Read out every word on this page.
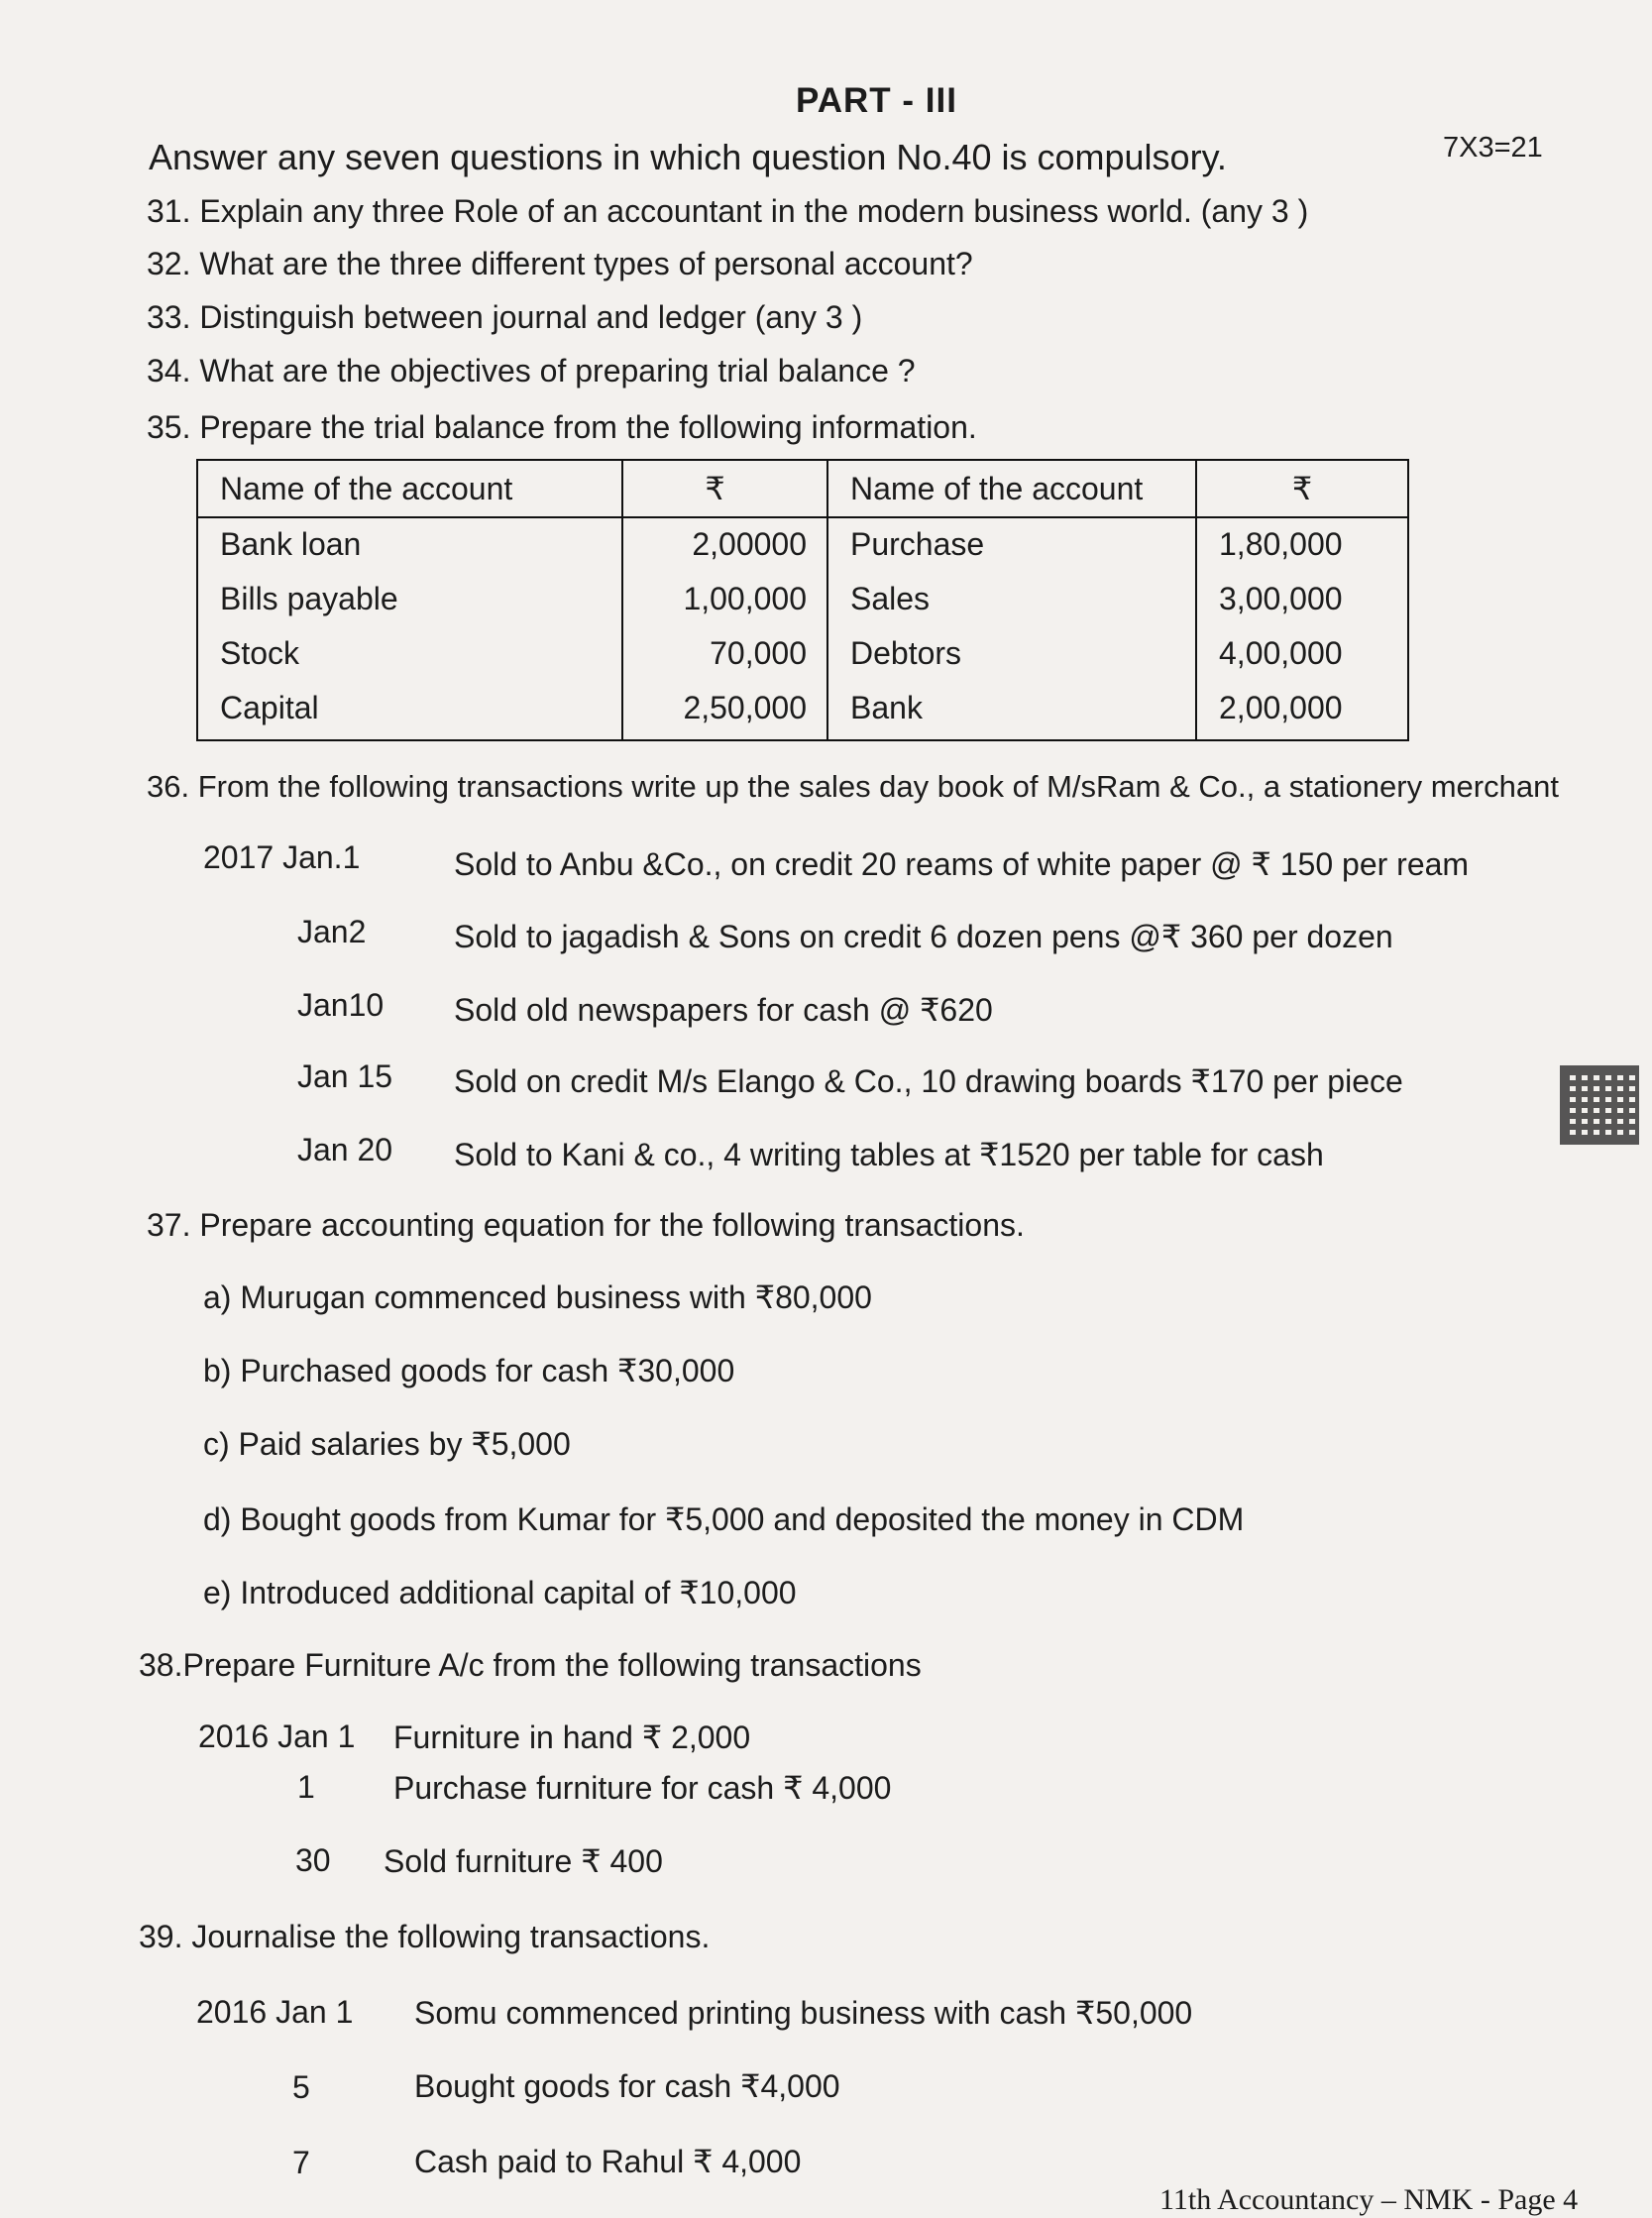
PART - III
Answer any seven questions in which question No.40 is compulsory.	7X3=21
31. Explain any three Role of an accountant in the modern business world. (any 3 )
32. What are the three different types of personal account?
33. Distinguish between journal and ledger (any 3 )
34. What are the objectives of preparing trial balance ?
35. Prepare the trial balance from the following information.
Name of the account	₹	Name of the account	₹
Bank loan	2,00000	Purchase	1,80,000
Bills payable	1,00,000	Sales	3,00,000
Stock	70,000	Debtors	4,00,000
Capital	2,50,000	Bank	2,00,000
36. From the following transactions write up the sales day book of M/sRam & Co., a stationery merchant
2017 Jan.1	Sold to Anbu &Co., on credit 20 reams of white paper @ ₹ 150 per ream
Jan2	Sold to jagadish & Sons on credit 6 dozen pens @₹ 360 per dozen
Jan10 Sold old newspapers for cash @ ₹620
Jan 15 Sold on credit M/s Elango & Co., 10 drawing boards ₹170 per piece
Jan 20 Sold to Kani & co., 4 writing tables at ₹1520 per table for cash
37. Prepare accounting equation for the following transactions.
a) Murugan commenced business with ₹80,000
b) Purchased goods for cash ₹30,000
c) Paid salaries by ₹5,000
d) Bought goods from Kumar for ₹5,000 and deposited the money in CDM
e) Introduced additional capital of ₹10,000
38.Prepare Furniture A/c from the following transactions
2016 Jan 1 Furniture in hand ₹ 2,000
1 Purchase furniture for cash ₹ 4,000
30 Sold furniture ₹ 400
39. Journalise the following transactions.
2016 Jan 1 Somu commenced printing business with cash ₹50,000
5	Bought goods for cash ₹4,000
7	Cash paid to Rahul ₹ 4,000
11th Accountancy – NMK - Page 4
